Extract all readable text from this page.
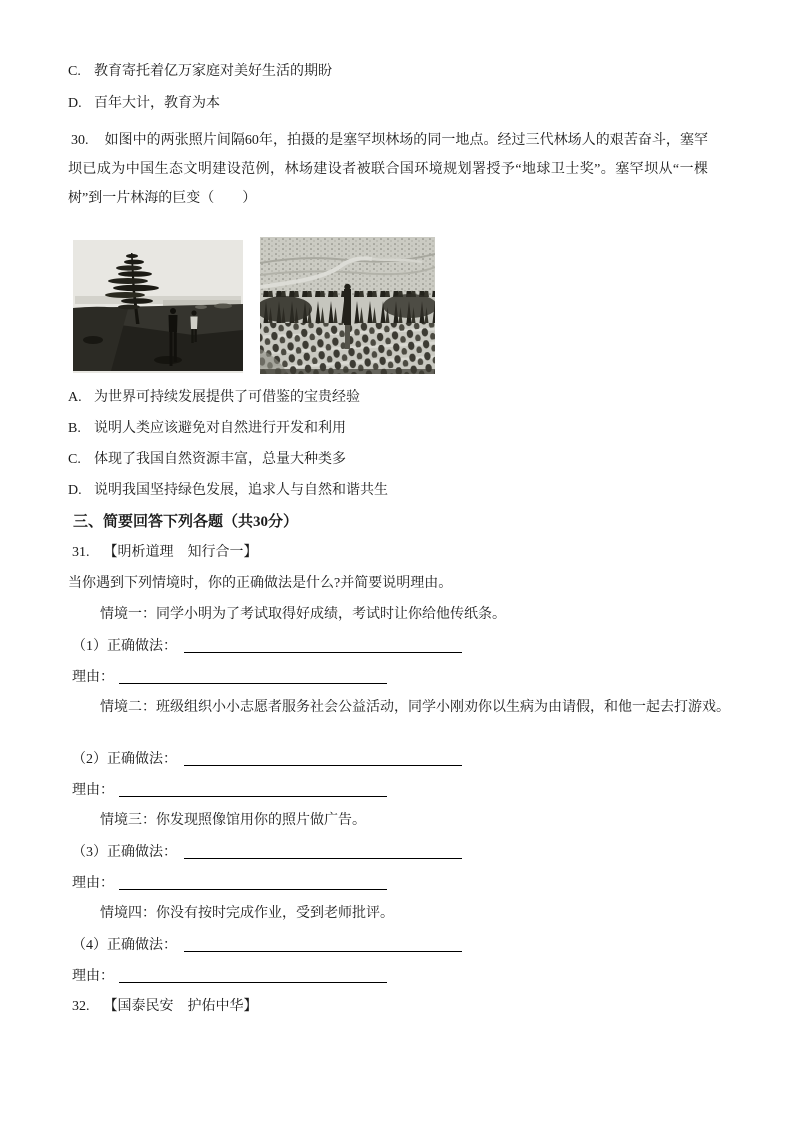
C. 教育寄托着亿万家庭对美好生活的期盼
D. 百年大计，教育为本

30. 如图中的两张照片间隔60年，拍摄的是塞罕坝林场的同一地点。经过三代林场人的艰苦奋斗，塞罕坝已成为中国生态文明建设范例，林场建设者被联合国环境规划署授予“地球卫士奖”。塞罕坝从“一棵树”到一片林海的巨变（　　）

A. 为世界可持续发展提供了可借鉴的宝贵经验
B. 说明人类应该避免对自然进行开发和利用
C. 体现了我国自然资源丰富，总量大种类多
D. 说明我国坚持绿色发展，追求人与自然和谐共生
三、简要回答下列各题（共30分）
31. 【明析道理　知行合一】
当你遇到下列情境时，你的正确做法是什么?并简要说明理由。
情境一：同学小明为了考试取得好成绩，考试时让你给他传纸条。
（1）正确做法：
理由：
情境二：班级组织小小志愿者服务社会公益活动，同学小刚劝你以生病为由请假，和他一起去打游戏。
（2）正确做法：
理由：
情境三：你发现照像馆用你的照片做广告。
（3）正确做法：
理由：
情境四：你没有按时完成作业，受到老师批评。
（4）正确做法：
理由：
32. 【国泰民安　护佑中华】
